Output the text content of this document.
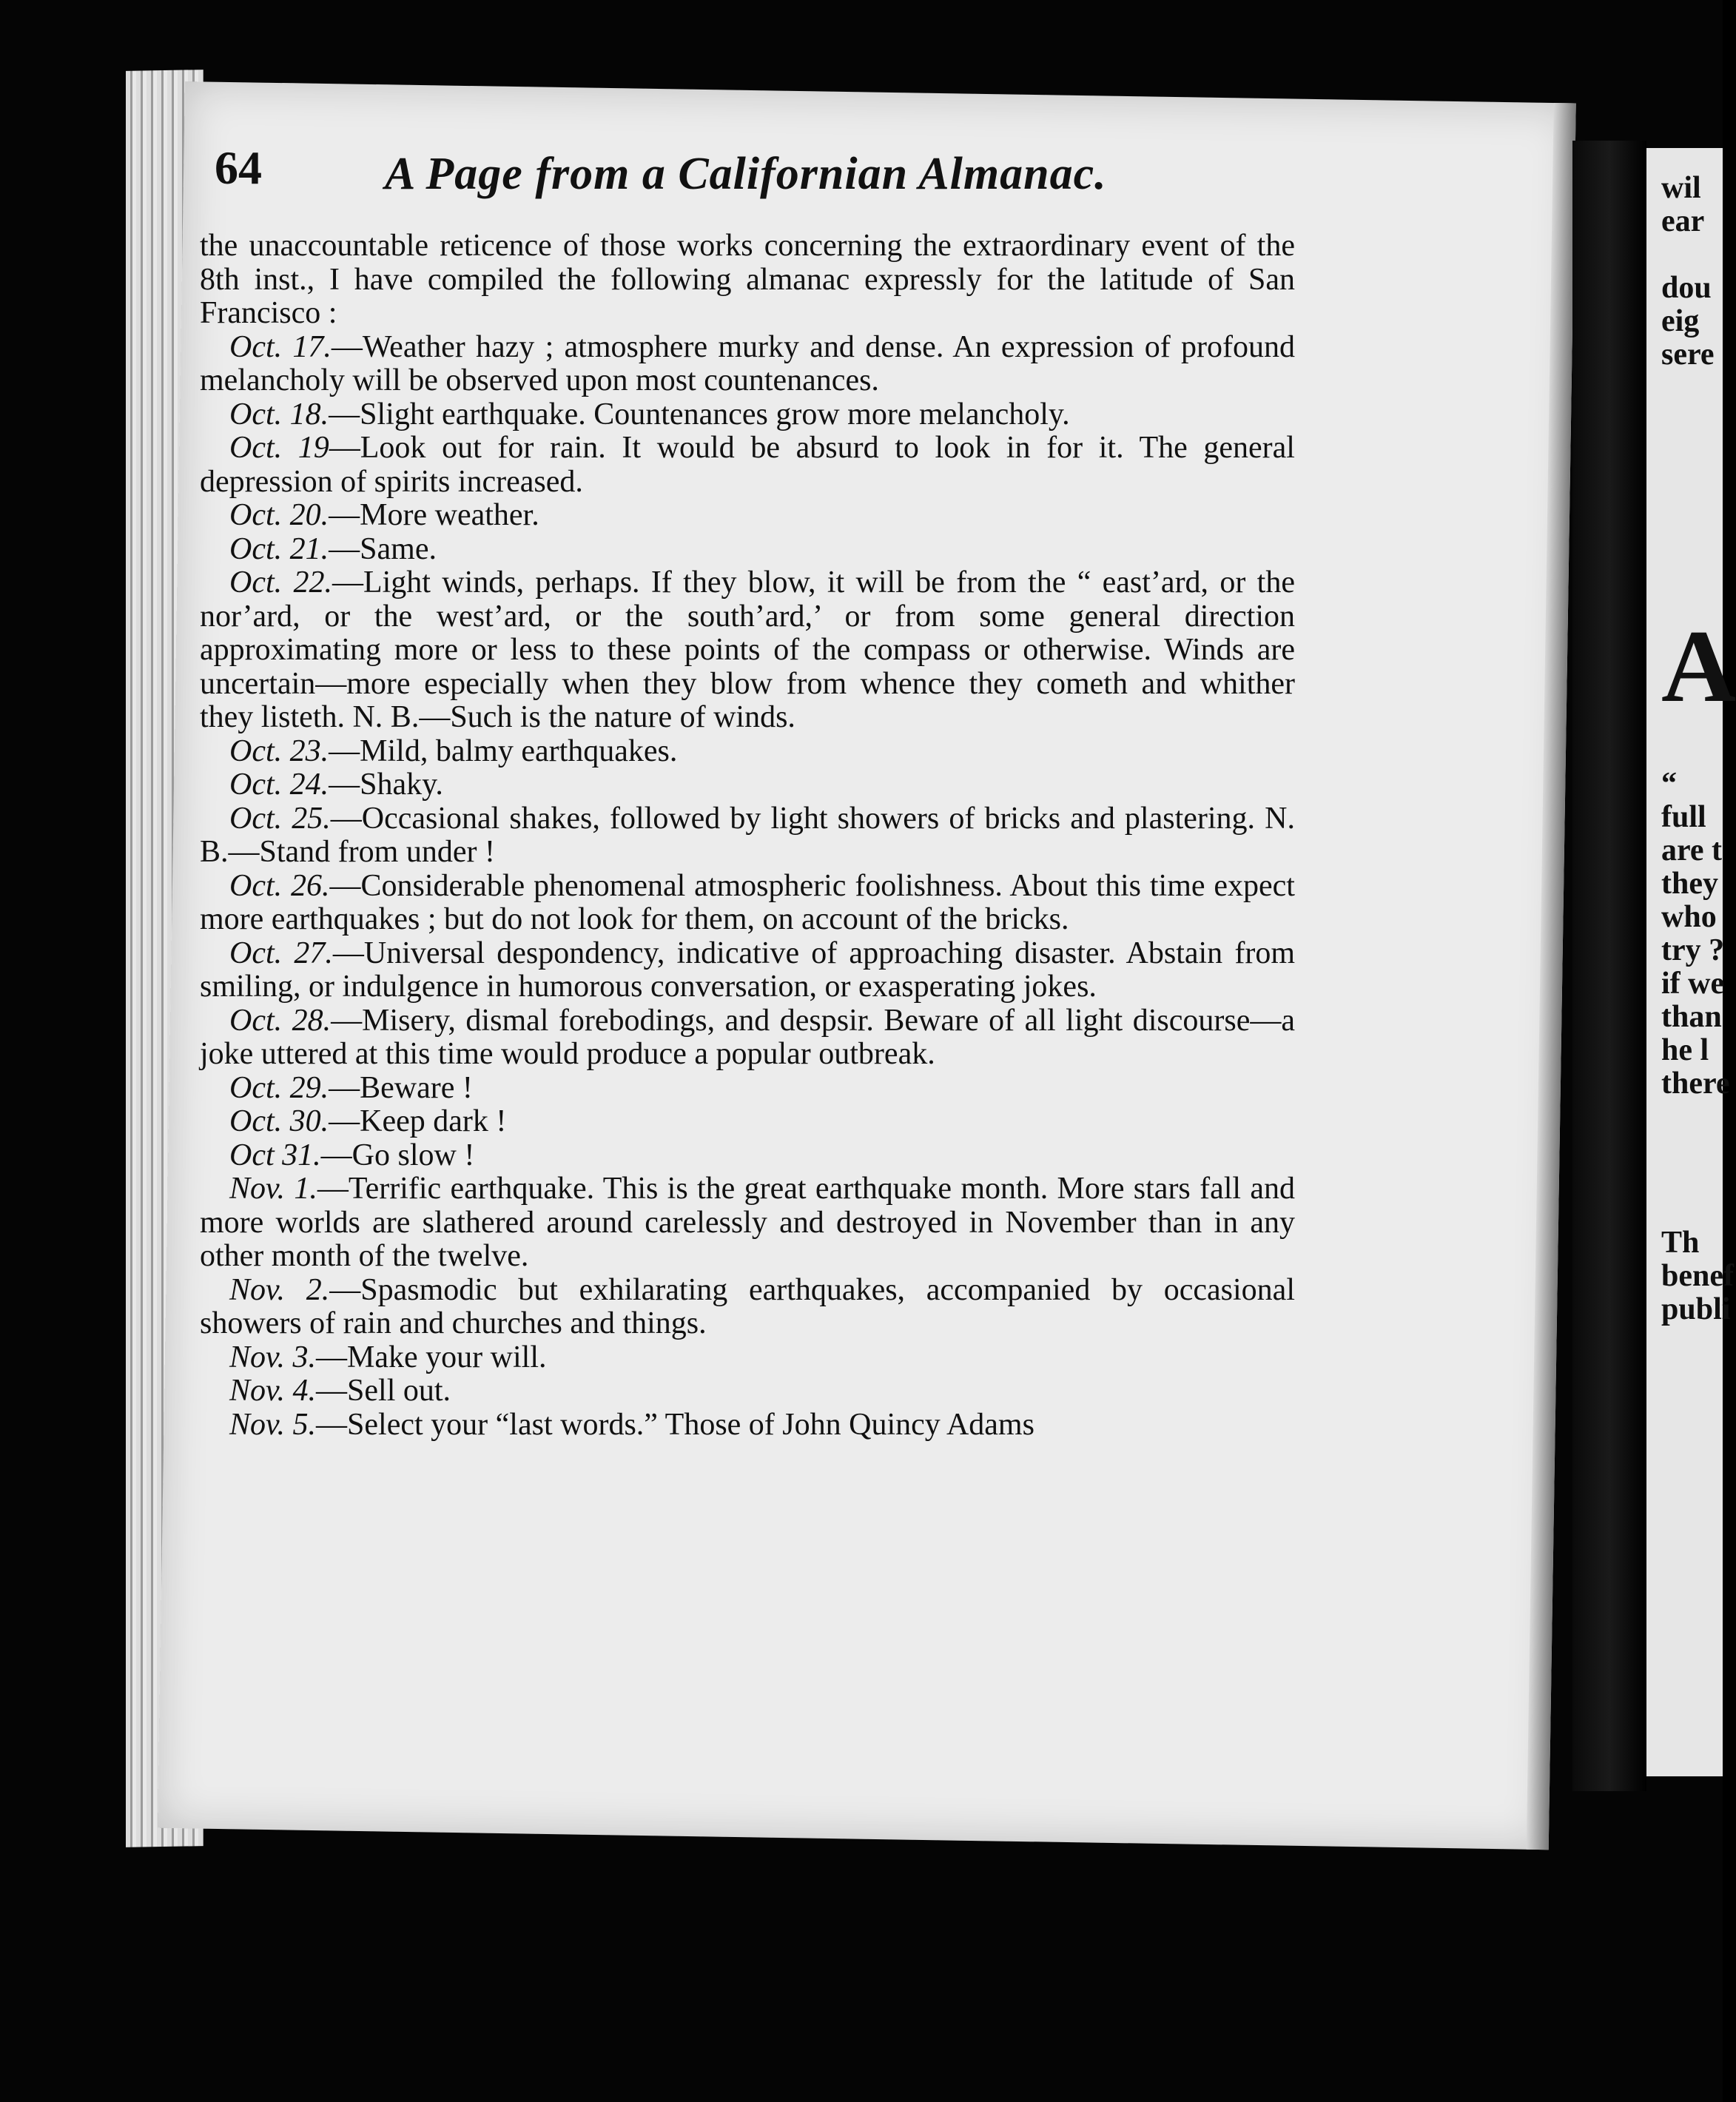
64	A Page from a Californian Almanac.

the unaccountable reticence of those works concerning the extraordinary event of the 8th inst., I have compiled the following almanac expressly for the latitude of San Francisco :

Oct. 17.—Weather hazy ; atmosphere murky and dense. An expression of profound melancholy will be observed upon most countenances.

Oct. 18.—Slight earthquake. Countenances grow more melancholy.

Oct. 19—Look out for rain. It would be absurd to look in for it. The general depression of spirits increased.

Oct. 20.—More weather.

Oct. 21.—Same.

Oct. 22.—Light winds, perhaps. If they blow, it will be from the “ east’ard, or the nor’ard, or the west’ard, or the south’ard,’ or from some general direction approximating more or less to these points of the compass or otherwise. Winds are uncertain—more especially when they blow from whence they cometh and whither they listeth. N. B.—Such is the nature of winds.

Oct. 23.—Mild, balmy earthquakes.

Oct. 24.—Shaky.

Oct. 25.—Occasional shakes, followed by light showers of bricks and plastering. N. B.—Stand from under !

Oct. 26.—Considerable phenomenal atmospheric foolishness. About this time expect more earthquakes ; but do not look for them, on account of the bricks.

Oct. 27.—Universal despondency, indicative of approaching disaster. Abstain from smiling, or indulgence in humorous conversation, or exasperating jokes.

Oct. 28.—Misery, dismal forebodings, and despsir. Beware of all light discourse—a joke uttered at this time would produce a popular outbreak.

Oct. 29.—Beware !

Oct. 30.—Keep dark !

Oct 31.—Go slow !

Nov. 1.—Terrific earthquake. This is the great earthquake month. More stars fall and more worlds are slathered around carelessly and destroyed in November than in any other month of the twelve.

Nov. 2.—Spasmodic but exhilarating earthquakes, accompanied by occasional showers of rain and churches and things.

Nov. 3.—Make your will.

Nov. 4.—Sell out.

Nov. 5.—Select your “last words.” Those of John Quincy Adams

wil
ear
dou
eig
sere
A
“
full
are t
they
who
try ?
if we
than
he l
there
Th
benef
publi
